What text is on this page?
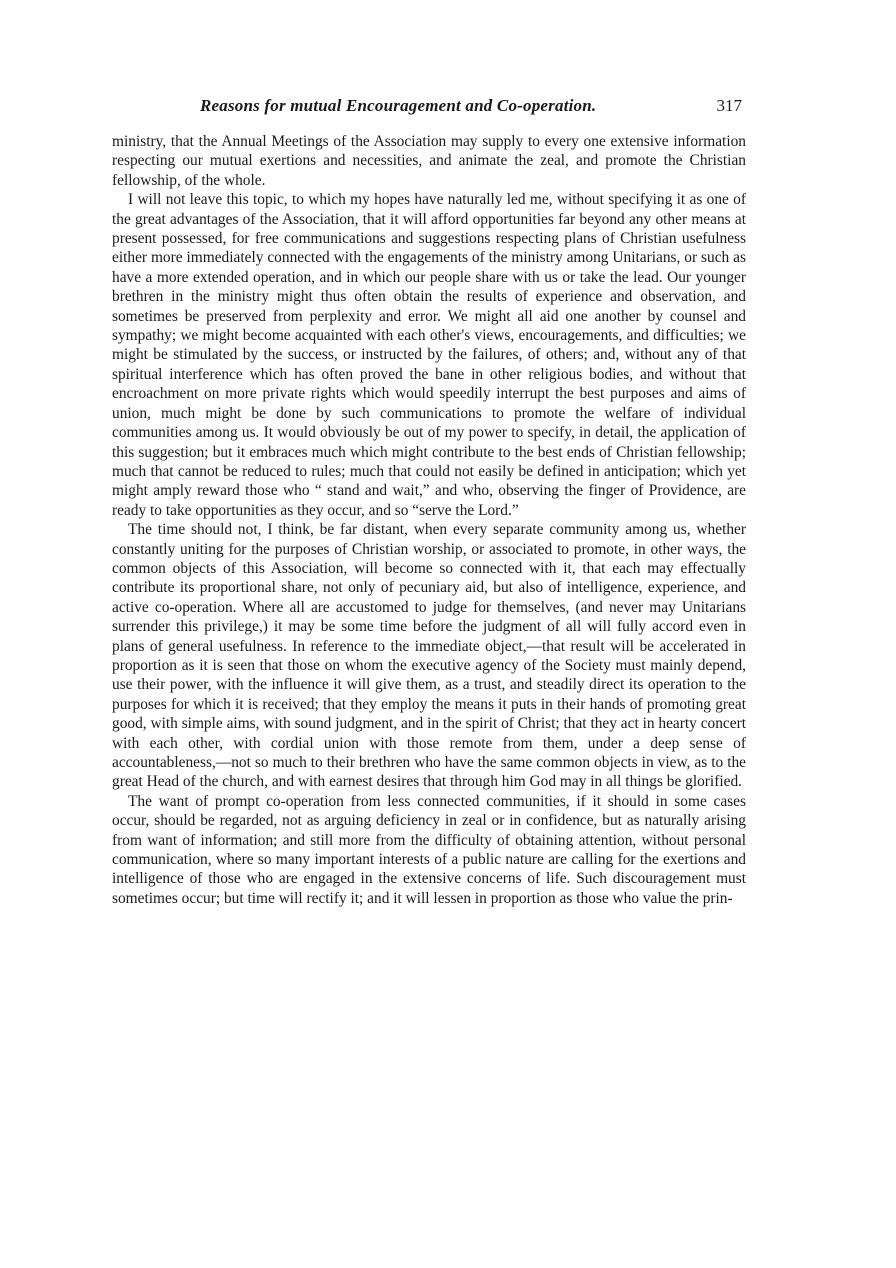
Reasons for mutual Encouragement and Co-operation.	317

ministry, that the Annual Meetings of the Association may supply to every one extensive information respecting our mutual exertions and necessities, and animate the zeal, and promote the Christian fellowship, of the whole.

I will not leave this topic, to which my hopes have naturally led me, without specifying it as one of the great advantages of the Association, that it will afford opportunities far beyond any other means at present possessed, for free communications and suggestions respecting plans of Christian usefulness either more immediately connected with the engagements of the ministry among Unitarians, or such as have a more extended operation, and in which our people share with us or take the lead. Our younger brethren in the ministry might thus often obtain the results of experience and observation, and sometimes be preserved from perplexity and error. We might all aid one another by counsel and sympathy; we might become acquainted with each other's views, encouragements, and difficulties; we might be stimulated by the success, or instructed by the failures, of others; and, without any of that spiritual interference which has often proved the bane in other religious bodies, and without that encroachment on more private rights which would speedily interrupt the best purposes and aims of union, much might be done by such communications to promote the welfare of individual communities among us. It would obviously be out of my power to specify, in detail, the application of this suggestion; but it embraces much which might contribute to the best ends of Christian fellowship; much that cannot be reduced to rules; much that could not easily be defined in anticipation; which yet might amply reward those who “ stand and wait,” and who, observing the finger of Providence, are ready to take opportunities as they occur, and so “serve the Lord.”

The time should not, I think, be far distant, when every separate community among us, whether constantly uniting for the purposes of Christian worship, or associated to promote, in other ways, the common objects of this Association, will become so connected with it, that each may effectually contribute its proportional share, not only of pecuniary aid, but also of intelligence, experience, and active co-operation. Where all are accustomed to judge for themselves, (and never may Unitarians surrender this privilege,) it may be some time before the judgment of all will fully accord even in plans of general usefulness. In reference to the immediate object,—that result will be accelerated in proportion as it is seen that those on whom the executive agency of the Society must mainly depend, use their power, with the influence it will give them, as a trust, and steadily direct its operation to the purposes for which it is received; that they employ the means it puts in their hands of promoting great good, with simple aims, with sound judgment, and in the spirit of Christ; that they act in hearty concert with each other, with cordial union with those remote from them, under a deep sense of accountableness,—not so much to their brethren who have the same common objects in view, as to the great Head of the church, and with earnest desires that through him God may in all things be glorified.

The want of prompt co-operation from less connected communities, if it should in some cases occur, should be regarded, not as arguing deficiency in zeal or in confidence, but as naturally arising from want of information; and still more from the difficulty of obtaining attention, without personal communication, where so many important interests of a public nature are calling for the exertions and intelligence of those who are engaged in the extensive concerns of life. Such discouragement must sometimes occur; but time will rectify it; and it will lessen in proportion as those who value the prin-
